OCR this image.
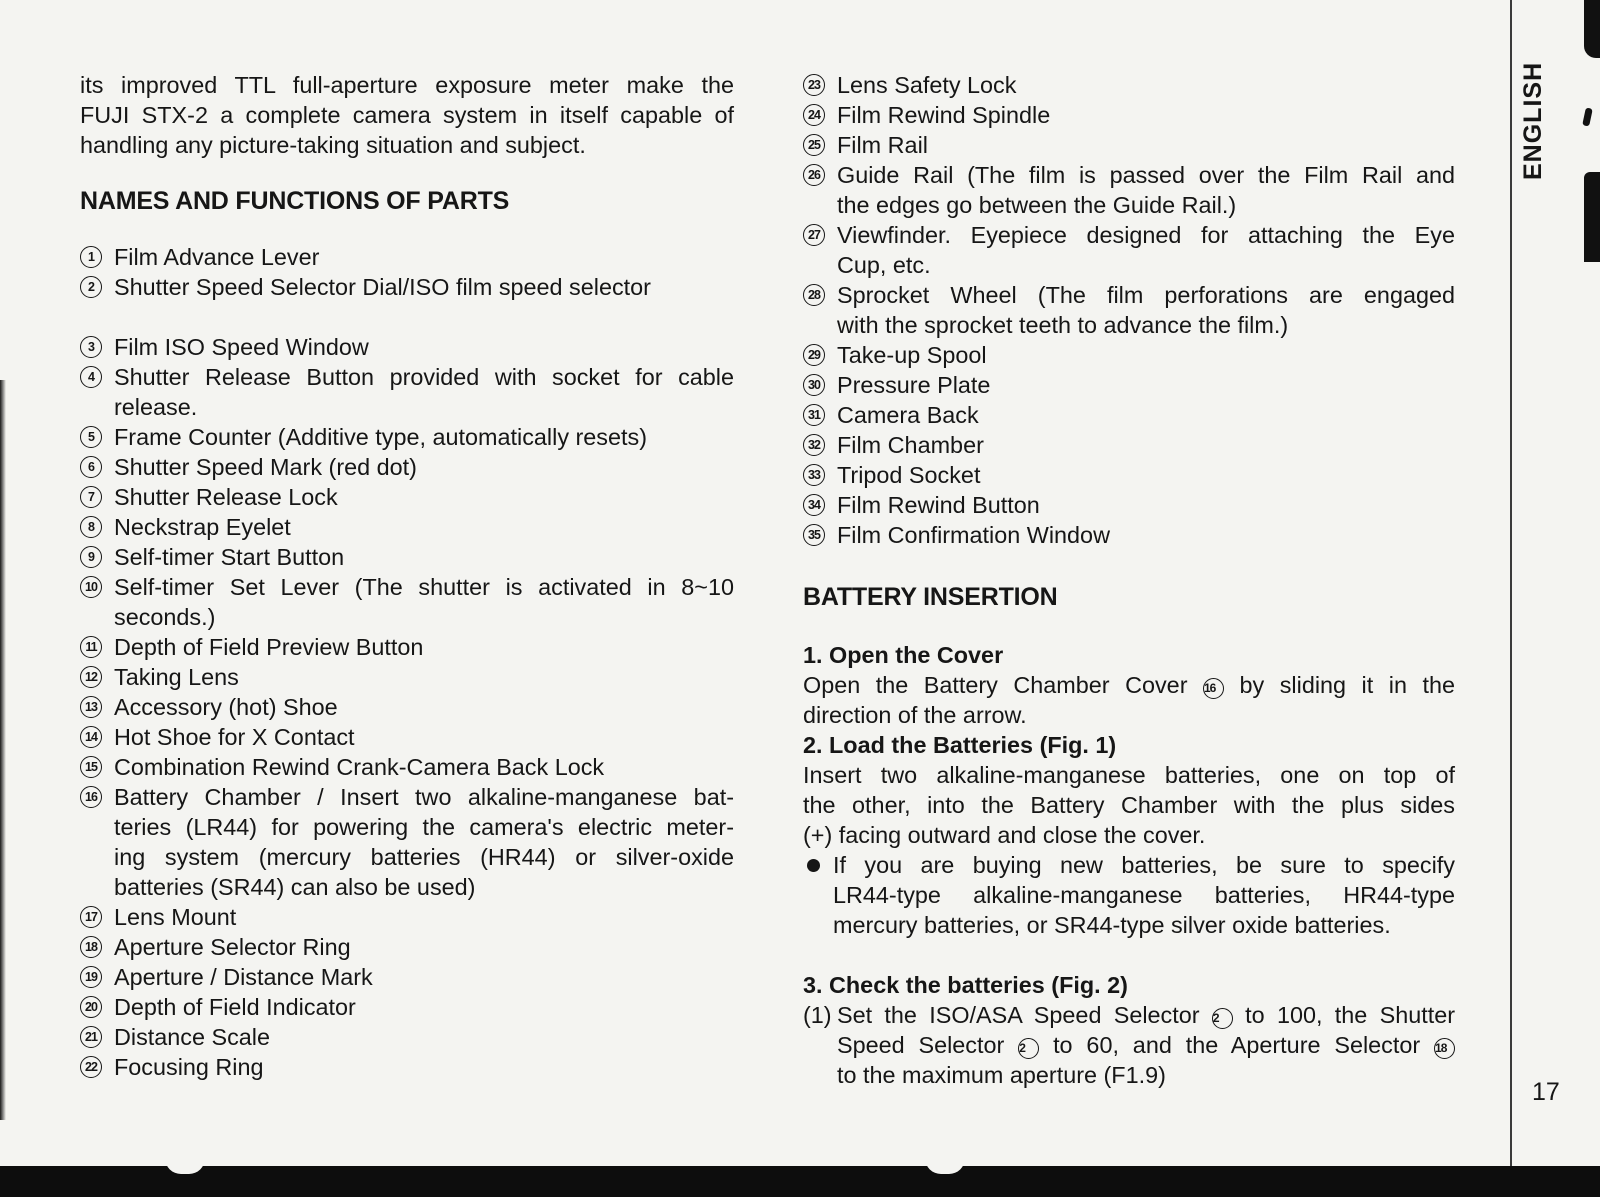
its improved TTL full-aperture exposure meter make the
FUJI STX-2 a complete camera system in itself capable of
handling any picture-taking situation and subject.
NAMES AND FUNCTIONS OF PARTS
1 Film Advance Lever
2 Shutter Speed Selector Dial/ISO film speed selector
3 Film ISO Speed Window
4 Shutter Release Button provided with socket for cable
release.
5 Frame Counter (Additive type, automatically resets)
6 Shutter Speed Mark (red dot)
7 Shutter Release Lock
8 Neckstrap Eyelet
9 Self-timer Start Button
10 Self-timer Set Lever (The shutter is activated in 8~10
seconds.)
11 Depth of Field Preview Button
12 Taking Lens
13 Accessory (hot) Shoe
14 Hot Shoe for X Contact
15 Combination Rewind Crank-Camera Back Lock
16 Battery Chamber / Insert two alkaline-manganese bat-
teries (LR44) for powering the camera's electric meter-
ing system (mercury batteries (HR44) or silver-oxide
batteries (SR44) can also be used)
17 Lens Mount
18 Aperture Selector Ring
19 Aperture / Distance Mark
20 Depth of Field Indicator
21 Distance Scale
22 Focusing Ring
23 Lens Safety Lock
24 Film Rewind Spindle
25 Film Rail
26 Guide Rail (The film is passed over the Film Rail and
the edges go between the Guide Rail.)
27 Viewfinder. Eyepiece designed for attaching the Eye
Cup, etc.
28 Sprocket Wheel (The film perforations are engaged
with the sprocket teeth to advance the film.)
29 Take-up Spool
30 Pressure Plate
31 Camera Back
32 Film Chamber
33 Tripod Socket
34 Film Rewind Button
35 Film Confirmation Window
BATTERY INSERTION
1. Open the Cover
Open the Battery Chamber Cover 16 by sliding it in the
direction of the arrow.
2. Load the Batteries (Fig. 1)
Insert two alkaline-manganese batteries, one on top of
the other, into the Battery Chamber with the plus sides
(+) facing outward and close the cover.
If you are buying new batteries, be sure to specify
LR44-type alkaline-manganese batteries, HR44-type
mercury batteries, or SR44-type silver oxide batteries.
3. Check the batteries (Fig. 2)
(1) Set the ISO/ASA Speed Selector 2 to 100, the Shutter
Speed Selector 2 to 60, and the Aperture Selector 18
to the maximum aperture (F1.9)
ENGLISH
17
